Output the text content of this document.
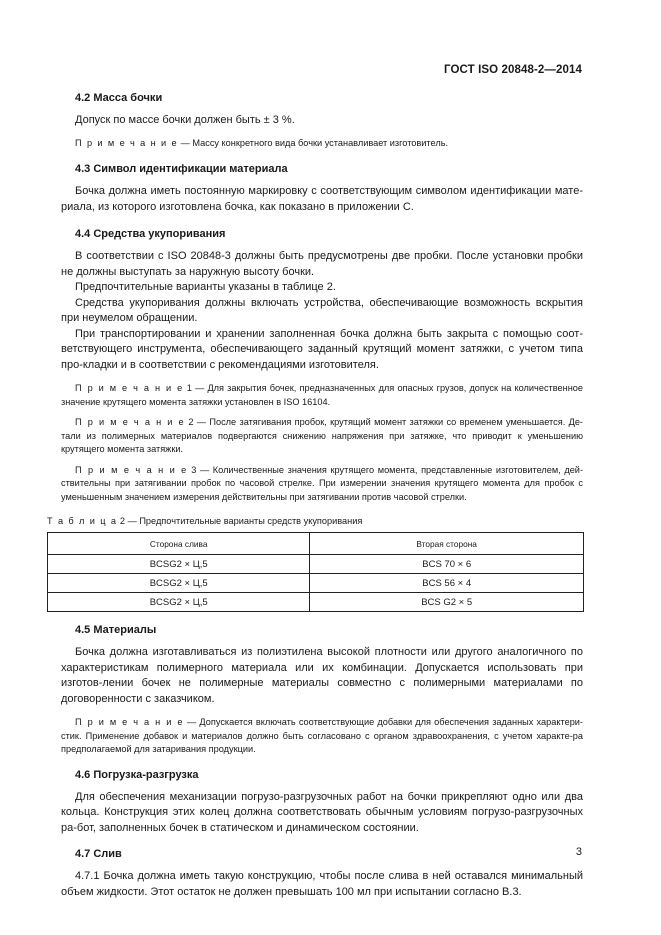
ГОСТ ISO 20848-2—2014
4.2 Масса бочки
Допуск по массе бочки должен быть ± 3 %.
П р и м е ч а н и е — Массу конкретного вида бочки устанавливает изготовитель.
4.3 Символ идентификации материала
Бочка должна иметь постоянную маркировку с соответствующим символом идентификации мате-риала, из которого изготовлена бочка, как показано в приложении С.
4.4 Средства укупоривания
В соответствии с ISO 20848-3 должны быть предусмотрены две пробки. После установки пробки не должны выступать за наружную высоту бочки.
Предпочтительные варианты указаны в таблице 2.
Средства укупоривания должны включать устройства, обеспечивающие возможность вскрытия при неумелом обращении.
При транспортировании и хранении заполненная бочка должна быть закрыта с помощью соот-ветствующего инструмента, обеспечивающего заданный крутящий момент затяжки, с учетом типа про-кладки и в соответствии с рекомендациями изготовителя.
П р и м е ч а н и е 1 — Для закрытия бочек, предназначенных для опасных грузов, допуск на количественное значение крутящего момента затяжки установлен в ISO 16104.
П р и м е ч а н и е 2 — После затягивания пробок, крутящий момент затяжки со временем уменьшается. Де-тали из полимерных материалов подвергаются снижению напряжения при затяжке, что приводит к уменьшению крутящего момента затяжки.
П р и м е ч а н и е 3 — Количественные значения крутящего момента, представленные изготовителем, дей-ствительны при затягивании пробок по часовой стрелке. При измерении значения крутящего момента для пробок с уменьшенным значением измерения действительны при затягивании против часовой стрелки.
Т а б л и ц а 2 — Предпочтительные варианты средств укупоривания
Сторона слива	Вторая сторона
BCSG2 × Ц,5	BCS 70 × 6
BCSG2 × Ц,5	BCS 56 × 4
BCSG2 × Ц,5	BCS G2 × 5
4.5 Материалы
Бочка должна изготавливаться из полиэтилена высокой плотности или другого аналогичного по характеристикам полимерного материала или их комбинации. Допускается использовать при изготов-лении бочек не полимерные материалы совместно с полимерными материалами по договоренности с заказчиком.
П р и м е ч а н и е — Допускается включать соответствующие добавки для обеспечения заданных характери-стик. Применение добавок и материалов должно быть согласовано с органом здравоохранения, с учетом характе-ра предполагаемой для затаривания продукции.
4.6 Погрузка-разгрузка
Для обеспечения механизации погрузо-разгрузочных работ на бочки прикрепляют одно или два кольца. Конструкция этих колец должна соответствовать обычным условиям погрузо-разгрузочных ра-бот, заполненных бочек в статическом и динамическом состоянии.
4.7 Слив
4.7.1 Бочка должна иметь такую конструкцию, чтобы после слива в ней оставался минимальный объем жидкости. Этот остаток не должен превышать 100 мл при испытании согласно В.3.
3
